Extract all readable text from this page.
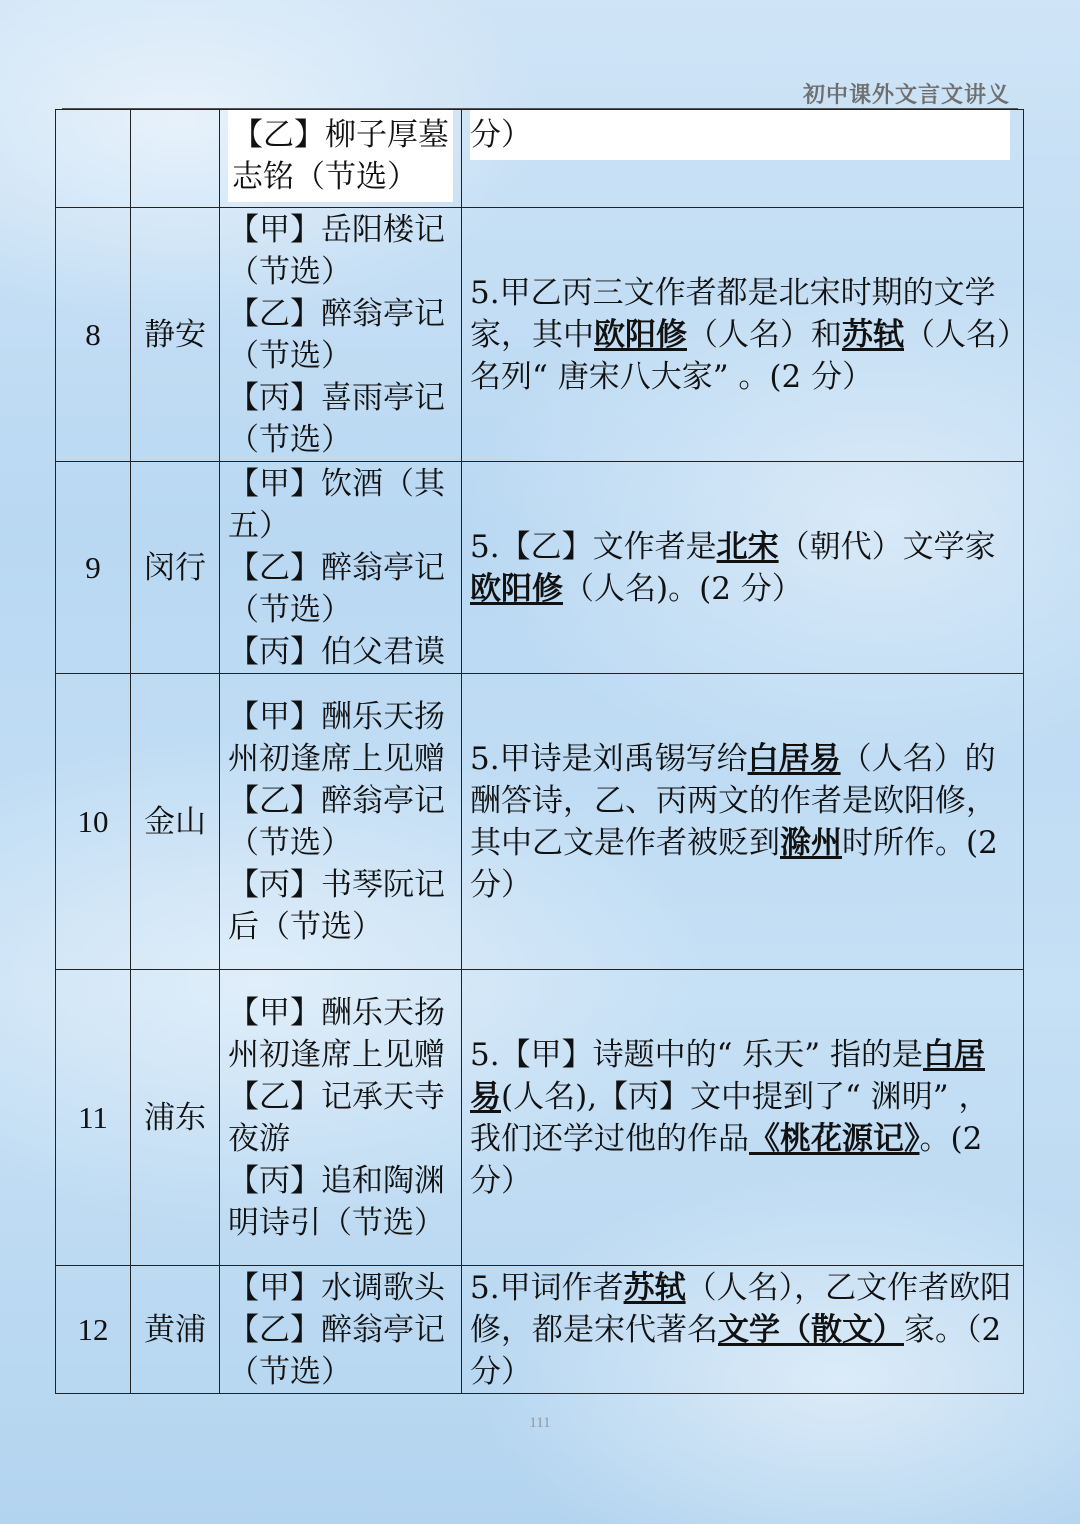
初中课外文言文讲义
		【乙】柳子厚墓志铭（节选）	分）

8	静安	【甲】岳阳楼记（节选）
【乙】醉翁亭记（节选）
【丙】喜雨亭记（节选）	5.甲乙丙三文作者都是北宋时期的文学家，其中欧阳修（人名）和苏轼（人名）名列“ 唐宋八大家” 。(2 分）

9	闵行	【甲】饮酒（其五）
【乙】醉翁亭记（节选）
【丙】伯父君谟	5.【乙】文作者是北宋（朝代）文学家欧阳修（人名)。(2 分）

10	金山	【甲】酬乐天扬州初逢席上见赠
【乙】醉翁亭记（节选）
【丙】书琴阮记后（节选）	5.甲诗是刘禹锡写给白居易（人名）的酬答诗，乙、丙两文的作者是欧阳修，其中乙文是作者被贬到滁州时所作。(2 分）

11	浦东	【甲】酬乐天扬州初逢席上见赠
【乙】记承天寺夜游
【丙】追和陶渊明诗引（节选）	5.【甲】诗题中的“ 乐天” 指的是白居易(人名),【丙】文中提到了“ 渊明” ，我们还学过他的作品《桃花源记》。(2 分）

12	黄浦	【甲】水调歌头
【乙】醉翁亭记（节选）	5.甲词作者苏轼（人名），乙文作者欧阳修，都是宋代著名文学（散文）家。（2 分）
111
